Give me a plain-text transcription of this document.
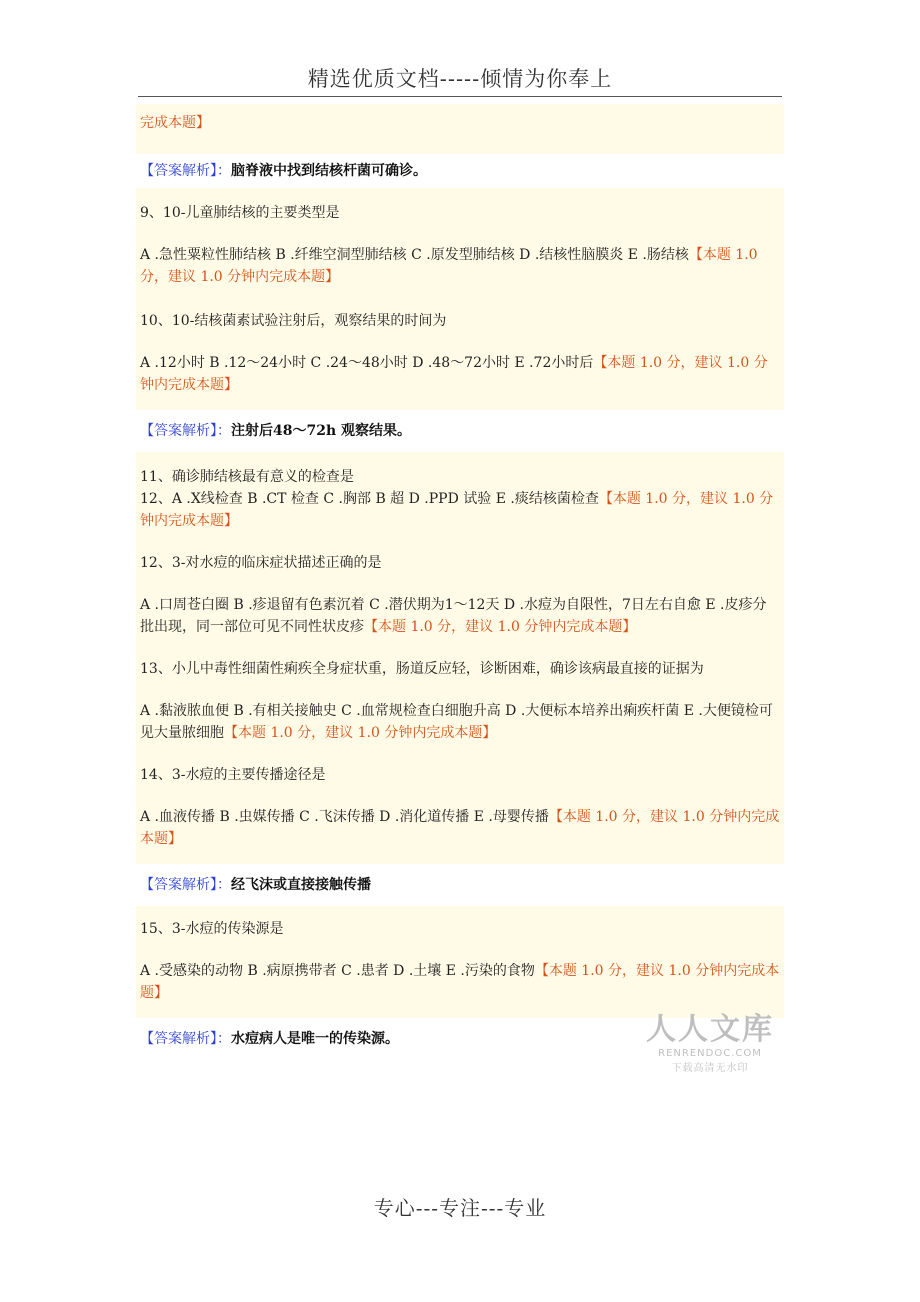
精选优质文档-----倾情为你奉上
完成本题】
【答案解析】：脑脊液中找到结核杆菌可确诊。
9、10-儿童肺结核的主要类型是
A .急性粟粒性肺结核 B .纤维空洞型肺结核 C .原发型肺结核 D .结核性脑膜炎 E .肠结核【本题 1.0 分，建议 1.0 分钟内完成本题】
10、10-结核菌素试验注射后，观察结果的时间为
A .12小时 B .12～24小时 C .24～48小时 D .48～72小时 E .72小时后【本题 1.0 分，建议 1.0 分钟内完成本题】
【答案解析】：注射后48～72h 观察结果。
11、确诊肺结核最有意义的检查是
12、A .X线检查 B .CT 检查 C .胸部 B 超 D .PPD 试验 E .痰结核菌检查【本题 1.0 分，建议 1.0 分钟内完成本题】
12、3-对水痘的临床症状描述正确的是
A .口周苍白圈 B .疹退留有色素沉着 C .潜伏期为1～12天 D .水痘为自限性，7日左右自愈 E .皮疹分批出现，同一部位可见不同性状皮疹【本题 1.0 分，建议 1.0 分钟内完成本题】
13、小儿中毒性细菌性痢疾全身症状重，肠道反应轻，诊断困难，确诊该病最直接的证据为
A .黏液脓血便 B .有相关接触史 C .血常规检查白细胞升高 D .大便标本培养出痢疾杆菌 E .大便镜检可见大量脓细胞【本题 1.0 分，建议 1.0 分钟内完成本题】
14、3-水痘的主要传播途径是
A .血液传播 B .虫媒传播 C .飞沫传播 D .消化道传播 E .母婴传播【本题 1.0 分，建议 1.0 分钟内完成本题】
【答案解析】：经飞沫或直接接触传播
15、3-水痘的传染源是
A .受感染的动物 B .病原携带者 C .患者 D .土壤 E .污染的食物【本题 1.0 分，建议 1.0 分钟内完成本题】
【答案解析】：水痘病人是唯一的传染源。	人人文库
RENRENDOC.COM
下载高清无水印
专心---专注---专业
